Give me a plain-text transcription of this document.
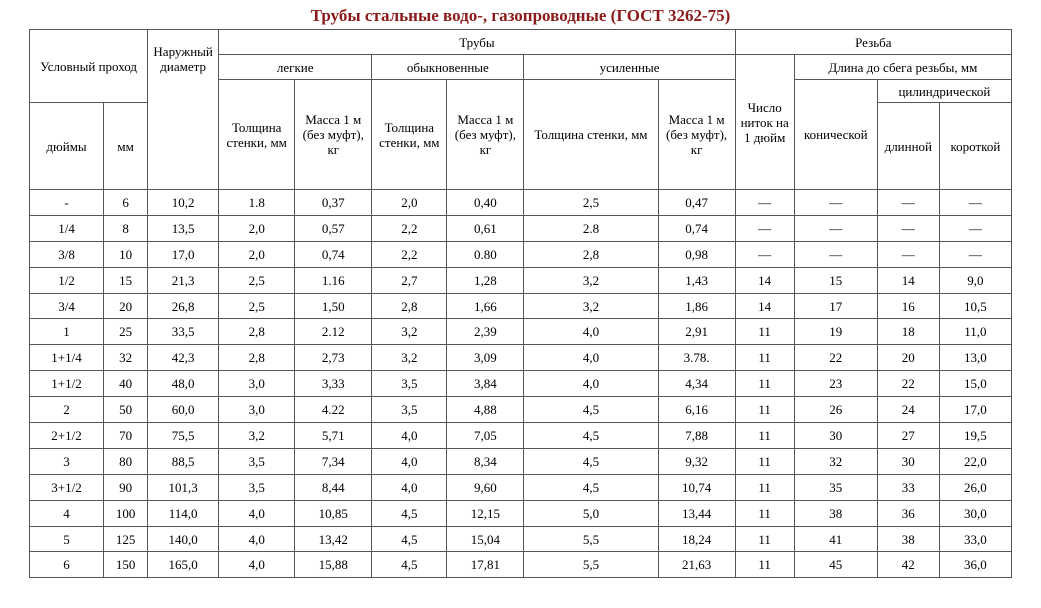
Трубы стальные водо-, газопроводные (ГОСТ 3262-75)
Условный проход		Наружный диаметр	Трубы						Резьба			
			легкие		обыкновенные		усиленные		Число ниток на 1 дюйм	Длина до сбега резьбы, мм		
			Толщина стенки, мм	Масса 1 м (без муфт), кг	Толщина стенки, мм	Масса 1 м (без муфт), кг	Толщина стенки, мм	Масса 1 м (без муфт), кг		конической	цилиндрической	
дюймы	мм										длинной	короткой
-	6	10,2	1.8	0,37	2,0	0,40	2,5	0,47	—	—	—	—
1/4	8	13,5	2,0	0,57	2,2	0,61	2.8	0,74	—	—	—	—
3/8	10	17,0	2,0	0,74	2,2	0.80	2,8	0,98	—	—	—	—
1/2	15	21,3	2,5	1.16	2,7	1,28	3,2	1,43	14	15	14	9,0
3/4	20	26,8	2,5	1,50	2,8	1,66	3,2	1,86	14	17	16	10,5
1	25	33,5	2,8	2.12	3,2	2,39	4,0	2,91	11	19	18	11,0
1+1/4	32	42,3	2,8	2,73	3,2	3,09	4,0	3.78.	11	22	20	13,0
1+1/2	40	48,0	3,0	3,33	3,5	3,84	4,0	4,34	11	23	22	15,0
2	50	60,0	3,0	4.22	3,5	4,88	4,5	6,16	11	26	24	17,0
2+1/2	70	75,5	3,2	5,71	4,0	7,05	4,5	7,88	11	30	27	19,5
3	80	88,5	3,5	7,34	4,0	8,34	4,5	9,32	11	32	30	22,0
3+1/2	90	101,3	3,5	8,44	4,0	9,60	4,5	10,74	11	35	33	26,0
4	100	114,0	4,0	10,85	4,5	12,15	5,0	13,44	11	38	36	30,0
5	125	140,0	4,0	13,42	4,5	15,04	5,5	18,24	11	41	38	33,0
6	150	165,0	4,0	15,88	4,5	17,81	5,5	21,63	11	45	42	36,0
